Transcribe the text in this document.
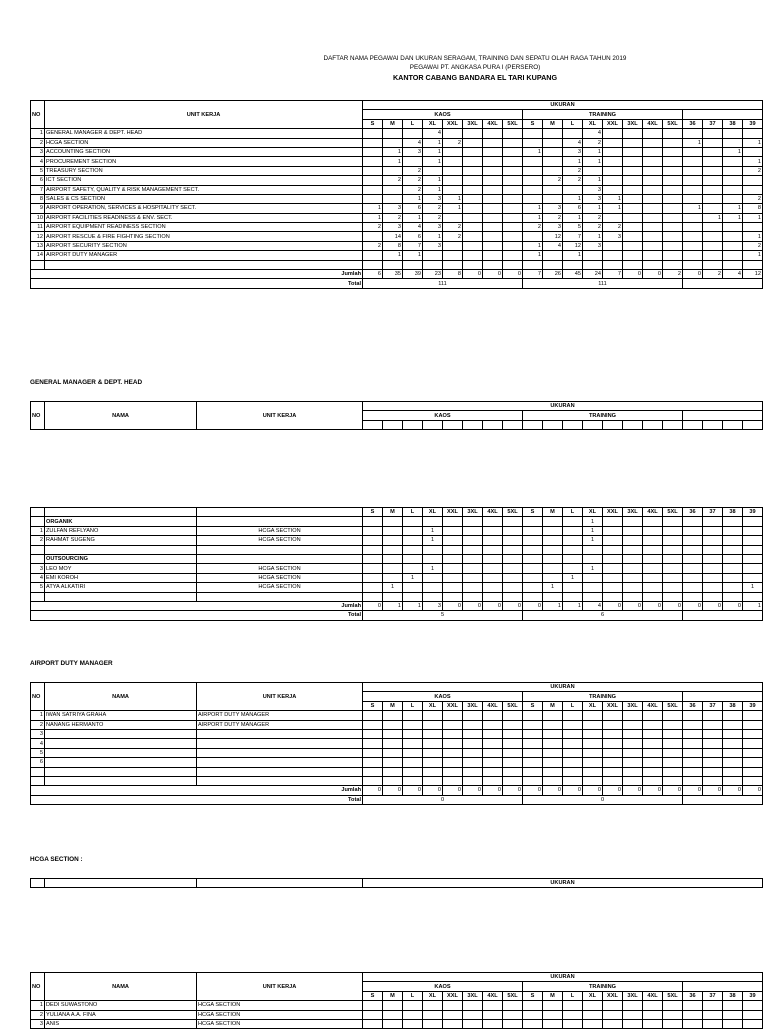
DAFTAR NAMA PEGAWAI DAN UKURAN SERAGAM, TRAINING DAN SEPATU OLAH RAGA TAHUN 2019
PEGAWAI PT. ANGKASA PURA I (PERSERO)
KANTOR CABANG BANDARA EL TARI KUPANG
NO	UNIT KERJA	UKURAN																			
		KAOS								TRAINING											
		S	M	L	XL	XXL	3XL	4XL	5XL	S	M	L	XL	XXL	3XL	4XL	5XL	36	37	38	39
1	GENERAL MANAGER & DEPT. HEAD				4								4								
2	HCGA SECTION			4	1	2						4	2					1			1
3	ACCOUNTING SECTION		1	3	1					1		3	1							1	
4	PROCUREMENT SECTION		1		1							1	1								1
5	TREASURY SECTION			2								2									2
6	ICT SECTION		2	2	1						2	2	1								
7	AIRPORT SAFETY, QUALITY & RISK MANAGEMENT SECT.			2	1								3								
8	SALES & CS SECTION			1	3	1						1	3	1							2
9	AIRPORT OPERATION, SERVICES & HOSPITALITY SECT.	1	3	6	2	1				1	3	6	1	1				1		1	8
10	AIRPORT FACILITIES READINESS & ENV. SECT.	1	2	1	2					1	2	1	2						1	1	1
11	AIRPORT EQUIPMENT READINESS SECTION	2	3	4	3	2				2	3	5	2	2							
12	AIRPORT RESCUE & FIRE FIGHTING SECTION		14	6	1	2					12	7	1	3							1
13	AIRPORT SECURITY SECTION	2	8	7	3					1	4	12	3								2
14	AIRPORT DUTY MANAGER		1	1						1		1									1

Jumlah		6	35	39	23	8	0	0	0	7	26	45	24	7	0	0	2	0	2	4	12
Total		111								111											
GENERAL MANAGER & DEPT. HEAD
NO	NAMA	UNIT KERJA	UKURAN																			
			KAOS								TRAINING											

			S	M	L	XL	XXL	3XL	4XL	5XL	S	M	L	XL	XXL	3XL	4XL	5XL	36	37	38	39
	ORGANIK													1								
1	ZULFAN REFLYANO	HCGA SECTION				1								1								
2	RAHMAT SUGENG	HCGA SECTION				1								1								

	OUTSOURCING																					
3	LEO MOY	HCGA SECTION				1								1								
4	EMI KOROH	HCGA SECTION			1								1									
5	ATYA ALKATIRI	HCGA SECTION		1								1										1

Jumlah			0	1	1	3	0	0	0	0	0	1	1	4	0	0	0	0	0	0	0	1
Total			5								6											
AIRPORT DUTY MANAGER
NO	NAMA	UNIT KERJA	UKURAN																			
			KAOS								TRAINING											
			S	M	L	XL	XXL	3XL	4XL	5XL	S	M	L	XL	XXL	3XL	4XL	5XL	36	37	38	39
1	IWAN SATRIYA GRAHA	AIRPORT DUTY MANAGER																				
2	NANANG HERMANTO	AIRPORT DUTY MANAGER																				
3																						
4																						
5																						
6																						

Jumlah			0	0	0	0	0	0	0	0	0	0	0	0	0	0	0	0	0	0	0	0
Total			0								0											
HCGA SECTION :
			UKURAN
NO	NAMA	UNIT KERJA	UKURAN																			
			KAOS								TRAINING											
			S	M	L	XL	XXL	3XL	4XL	5XL	S	M	L	XL	XXL	3XL	4XL	5XL	36	37	38	39
1	DEDI SUWASTONO	HCGA SECTION																				
2	YULIANA A.A. FINA	HCGA SECTION																				
3	ANIS	HCGA SECTION																				
